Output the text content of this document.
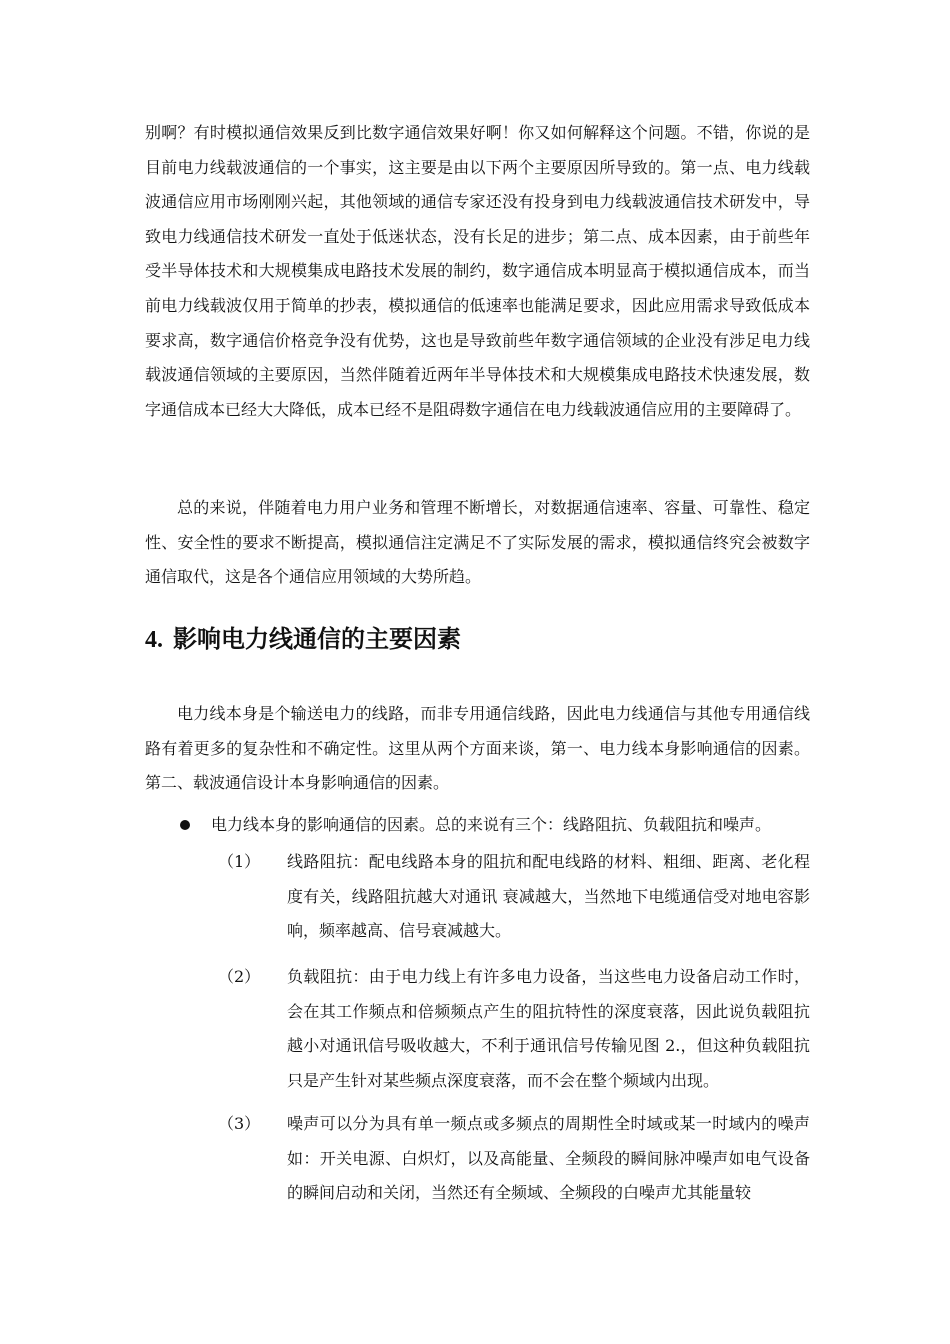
别啊？有时模拟通信效果反到比数字通信效果好啊！你又如何解释这个问题。不错，你说的是目前电力线载波通信的一个事实，这主要是由以下两个主要原因所导致的。第一点、电力线载波通信应用市场刚刚兴起，其他领域的通信专家还没有投身到电力线载波通信技术研发中，导致电力线通信技术研发一直处于低迷状态，没有长足的进步；第二点、成本因素，由于前些年受半导体技术和大规模集成电路技术发展的制约，数字通信成本明显高于模拟通信成本，而当前电力线载波仅用于简单的抄表，模拟通信的低速率也能满足要求，因此应用需求导致低成本要求高，数字通信价格竞争没有优势，这也是导致前些年数字通信领域的企业没有涉足电力线载波通信领域的主要原因，当然伴随着近两年半导体技术和大规模集成电路技术快速发展，数字通信成本已经大大降低，成本已经不是阻碍数字通信在电力线载波通信应用的主要障碍了。

总的来说，伴随着电力用户业务和管理不断增长，对数据通信速率、容量、可靠性、稳定性、安全性的要求不断提高，模拟通信注定满足不了实际发展的需求，模拟通信终究会被数字通信取代，这是各个通信应用领域的大势所趋。

4. 影响电力线通信的主要因素

电力线本身是个输送电力的线路，而非专用通信线路，因此电力线通信与其他专用通信线路有着更多的复杂性和不确定性。这里从两个方面来谈，第一、电力线本身影响通信的因素。第二、载波通信设计本身影响通信的因素。

电力线本身的影响通信的因素。总的来说有三个：线路阻抗、负载阻抗和噪声。
（1） 线路阻抗：配电线路本身的阻抗和配电线路的材料、粗细、距离、老化程度有关，线路阻抗越大对通讯 衰减越大，当然地下电缆通信受对地电容影响，频率越高、信号衰减越大。

（2） 负载阻抗：由于电力线上有许多电力设备，当这些电力设备启动工作时，会在其工作频点和倍频频点产生的阻抗特性的深度衰落，因此说负载阻抗越小对通讯信号吸收越大，不利于通讯信号传输见图 2.，但这种负载阻抗只是产生针对某些频点深度衰落，而不会在整个频域内出现。

（3） 噪声可以分为具有单一频点或多频点的周期性全时域或某一时域内的噪声如：开关电源、白炽灯，以及高能量、全频段的瞬间脉冲噪声如电气设备的瞬间启动和关闭，当然还有全频域、全频段的白噪声尤其能量较
